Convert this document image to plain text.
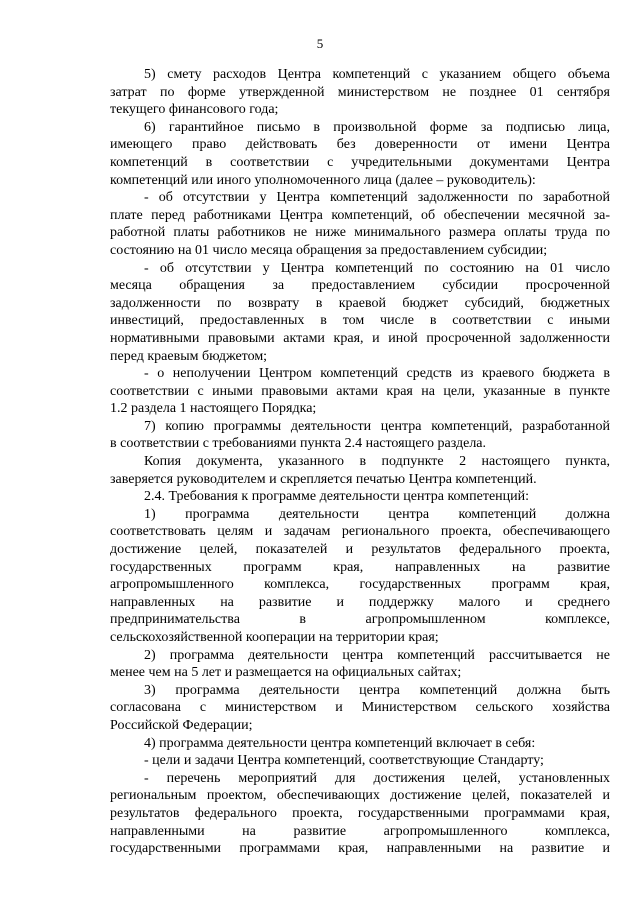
5
5) смету расходов Центра компетенций с указанием общего объема
затрат по форме утвержденной министерством не позднее 01 сентября
текущего финансового года;
6) гарантийное письмо в произвольной форме за подписью лица,
имеющего право действовать без доверенности от имени Центра
компетенций в соответствии с учредительными документами Центра
компетенций или иного уполномоченного лица (далее – руководитель):
- об отсутствии у Центра компетенций задолженности по заработной
плате перед работниками Центра компетенций, об обеспечении месячной за-
работной платы работников не ниже минимального размера оплаты труда по
состоянию на 01 число месяца обращения за предоставлением субсидии;
- об отсутствии у Центра компетенций по состоянию на 01 число
месяца обращения за предоставлением субсидии просроченной
задолженности по возврату в краевой бюджет субсидий, бюджетных
инвестиций, предоставленных в том числе в соответствии с иными
нормативными правовыми актами края, и иной просроченной задолженности
перед краевым бюджетом;
- о неполучении Центром компетенций средств из краевого бюджета в
соответствии с иными правовыми актами края на цели, указанные в пункте
1.2 раздела 1 настоящего Порядка;
7) копию программы деятельности центра компетенций, разработанной
в соответствии с требованиями пункта 2.4 настоящего раздела.
Копия документа, указанного в подпункте 2 настоящего пункта,
заверяется руководителем и скрепляется печатью Центра компетенций.
2.4. Требования к программе деятельности центра компетенций:
1) программа деятельности центра компетенций должна
соответствовать целям и задачам регионального проекта, обеспечивающего
достижение целей, показателей и результатов федерального проекта,
государственных программ края, направленных на развитие
агропромышленного комплекса, государственных программ края,
направленных на развитие и поддержку малого и среднего
предпринимательства в агропромышленном комплексе,
сельскохозяйственной кооперации на территории края;
2) программа деятельности центра компетенций рассчитывается не
менее чем на 5 лет и размещается на официальных сайтах;
3) программа деятельности центра компетенций должна быть
согласована с министерством и Министерством сельского хозяйства
Российской Федерации;
4) программа деятельности центра компетенций включает в себя:
- цели и задачи Центра компетенций, соответствующие Стандарту;
- перечень мероприятий для достижения целей, установленных
региональным проектом, обеспечивающих достижение целей, показателей и
результатов федерального проекта, государственными программами края,
направленными на развитие агропромышленного комплекса,
государственными программами края, направленными на развитие и
